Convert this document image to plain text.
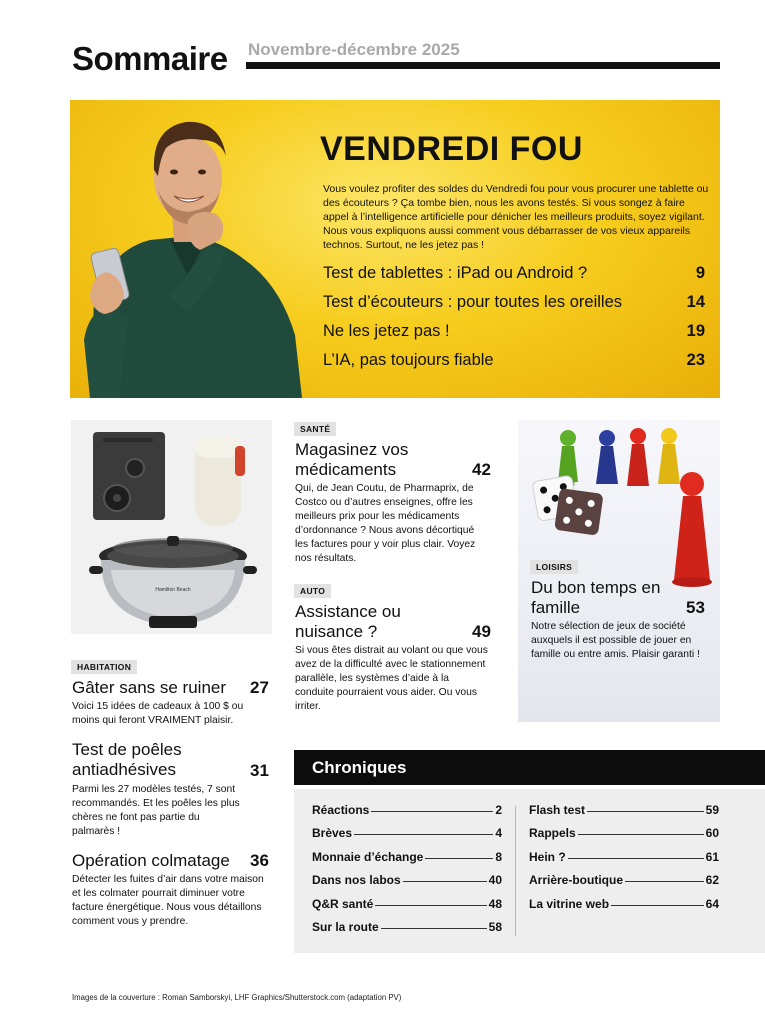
Sommaire Novembre-décembre 2025
VENDREDI FOU
Vous voulez profiter des soldes du Vendredi fou pour vous procurer une tablette ou des écouteurs ? Ça tombe bien, nous les avons testés. Si vous songez à faire appel à l’intelligence artificielle pour dénicher les meilleurs produits, soyez vigilant. Nous vous expliquons aussi comment vous débarrasser de vos vieux appareils technos. Surtout, ne les jetez pas !
Test de tablettes : iPad ou Android ?	9
Test d’écouteurs : pour toutes les oreilles	14
Ne les jetez pas !	19
L’IA, pas toujours fiable	23
Hamilton Beach
HABITATION
Gâter sans se ruiner	27
Voici 15 idées de cadeaux à 100 $ ou moins qui feront VRAIMENT plaisir.
Test de poêles antiadhésives	31
Parmi les 27 modèles testés, 7 sont recommandés. Et les poêles les plus chères ne font pas partie du palmarès !
Opération colmatage	36
Détecter les fuites d’air dans votre maison et les colmater pourrait diminuer votre facture énergétique. Nous vous détaillons comment vous y prendre.
SANTÉ
Magasinez vos médicaments	42
Qui, de Jean Coutu, de Pharmaprix, de Costco ou d’autres enseignes, offre les meilleurs prix pour les médicaments d’ordonnance ? Nous avons décortiqué les factures pour y voir plus clair. Voyez nos résultats.
AUTO
Assistance ou nuisance ?	49
Si vous êtes distrait au volant ou que vous avez de la difficulté avec le stationnement parallèle, les systèmes d’aide à la conduite pourraient vous aider. Ou vous irriter.
LOISIRS
Du bon temps en famille	53
Notre sélection de jeux de société auxquels il est possible de jouer en famille ou entre amis. Plaisir garanti !
Chroniques
Réactions	2
Brèves	4
Monnaie d’échange	8
Dans nos labos	40
Q&R santé	48
Sur la route	58
Flash test	59
Rappels	60
Hein ?	61
Arrière-boutique	62
La vitrine web	64
Images de la couverture : Roman Samborskyi, LHF Graphics/Shutterstock.com (adaptation PV)
